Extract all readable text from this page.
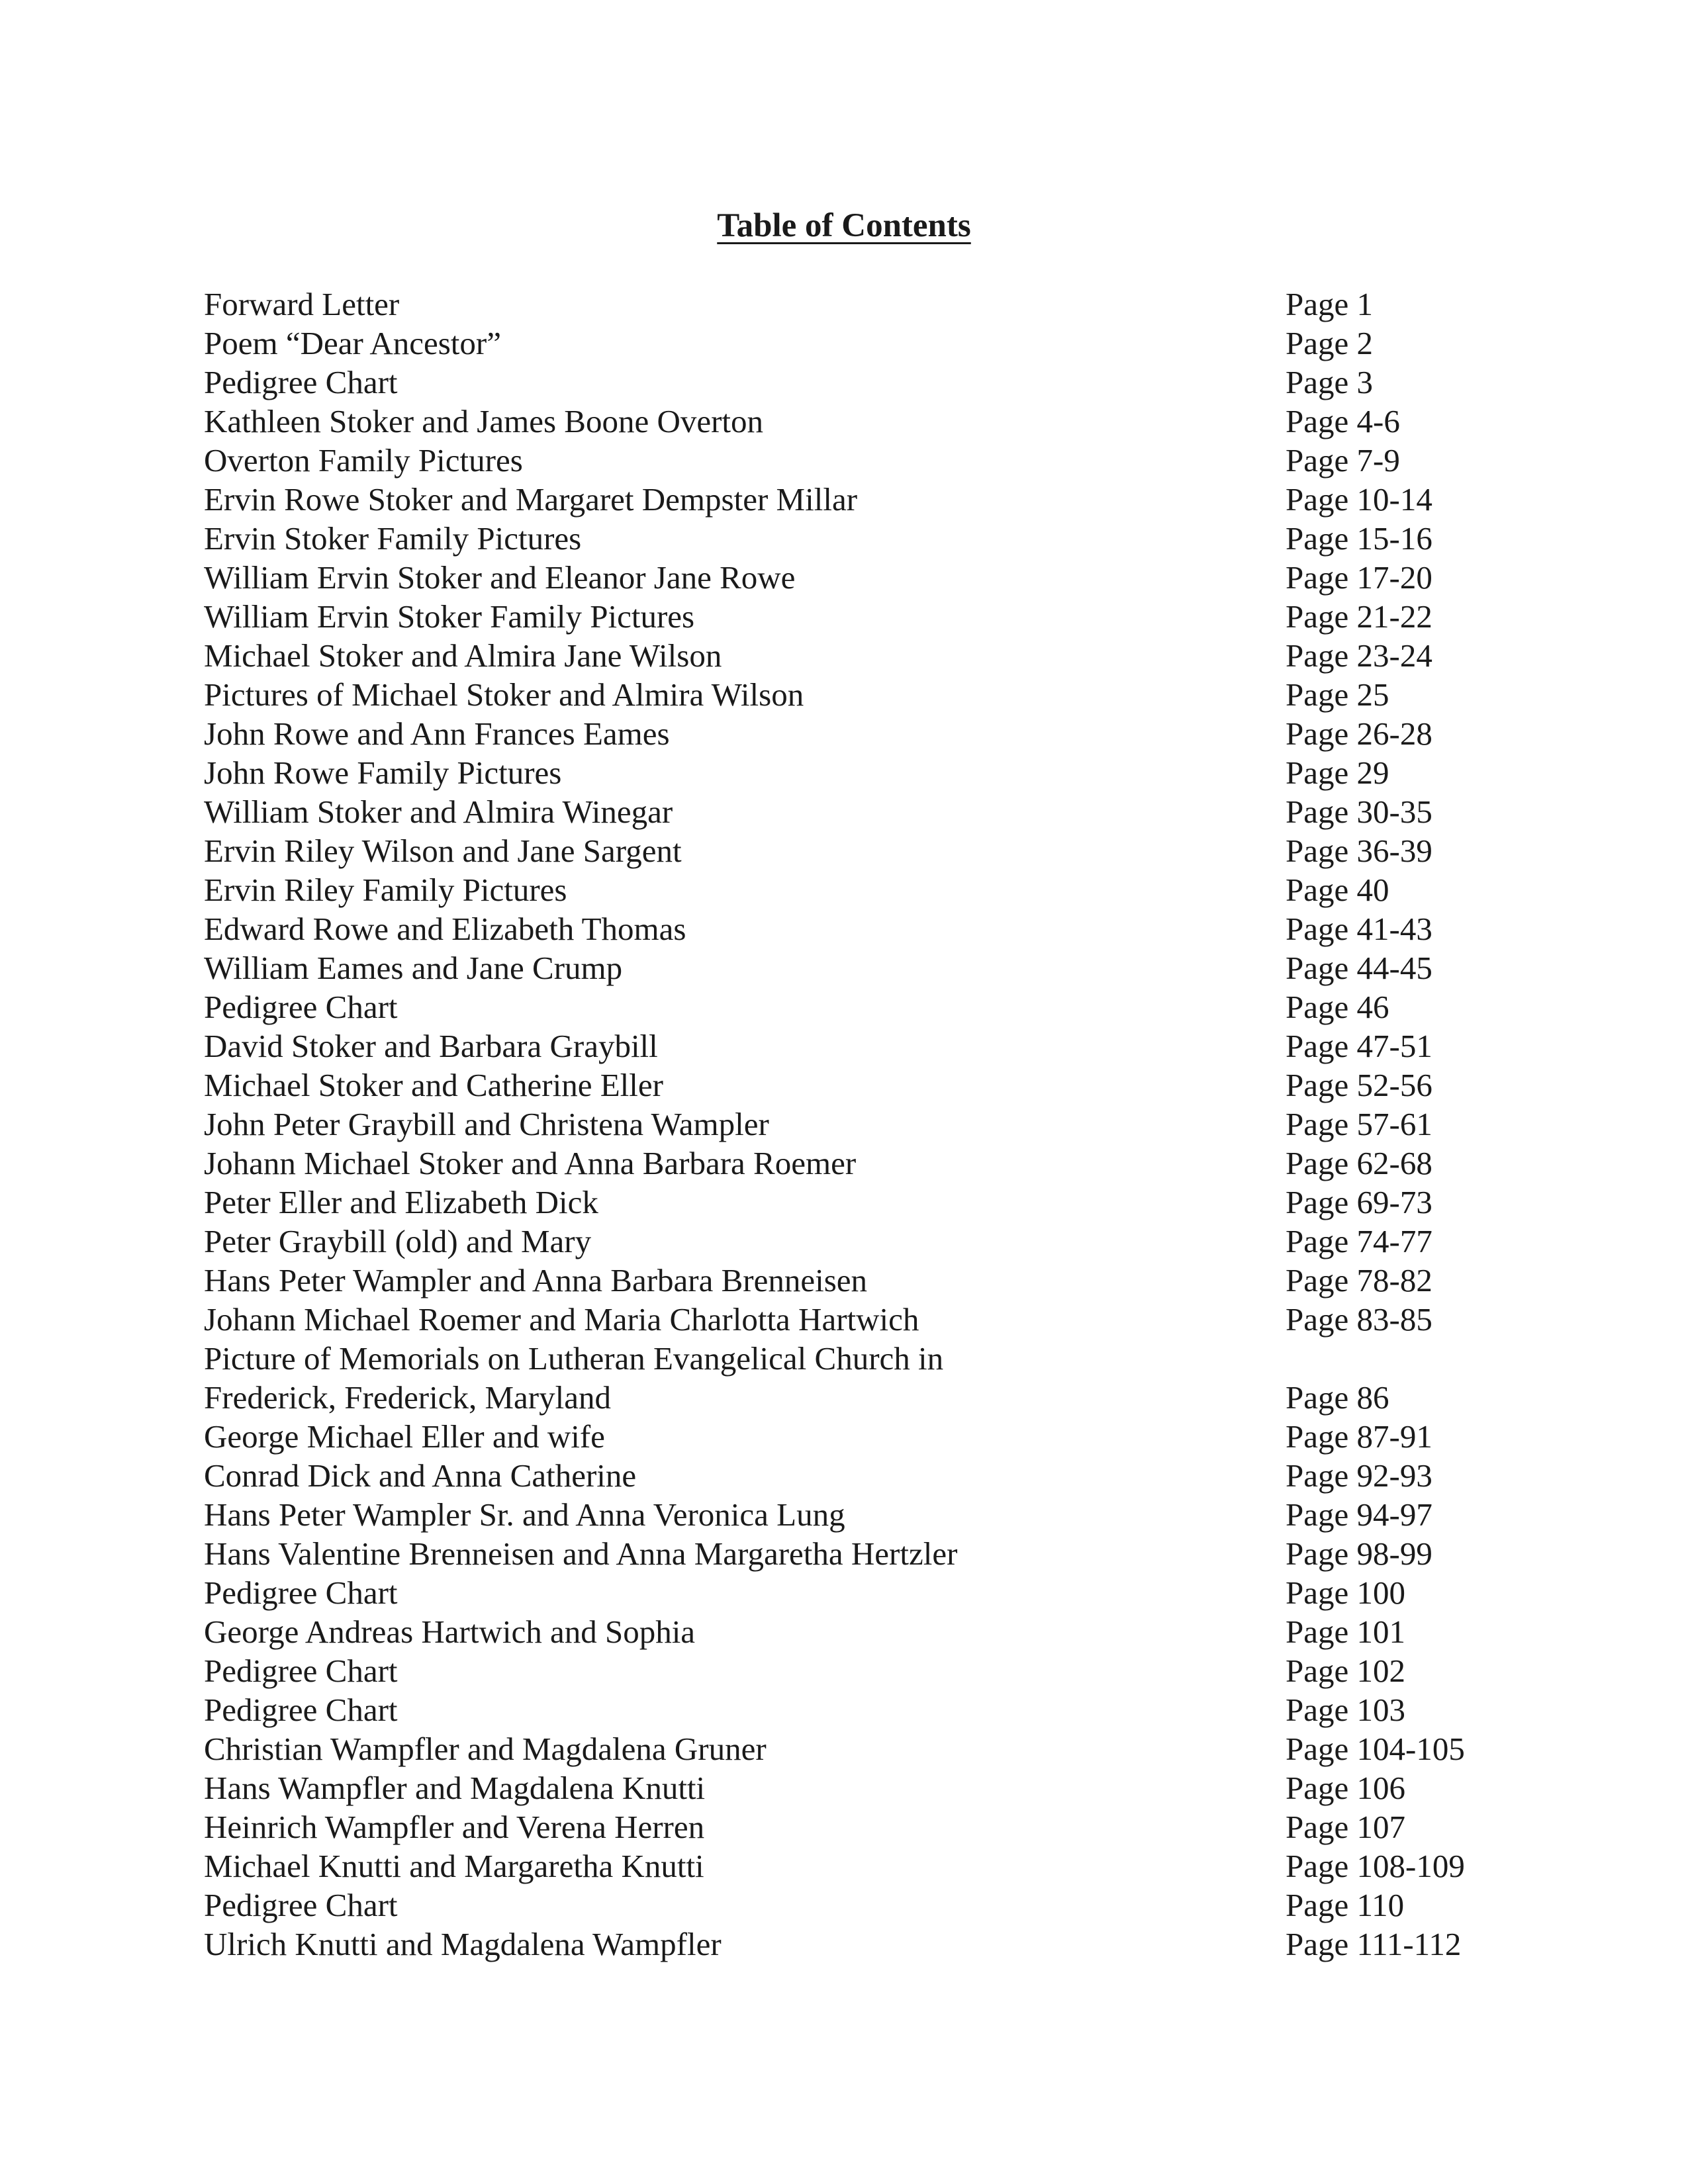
Table of Contents
Forward Letter	Page 1
Poem “Dear Ancestor”	Page 2
Pedigree Chart	Page 3
Kathleen Stoker and James Boone Overton	Page 4-6
Overton Family Pictures	Page 7-9
Ervin Rowe Stoker and Margaret Dempster Millar	Page 10-14
Ervin Stoker Family Pictures	Page 15-16
William Ervin Stoker and Eleanor Jane Rowe	Page 17-20
William Ervin Stoker Family Pictures	Page 21-22
Michael Stoker and Almira Jane Wilson	Page 23-24
Pictures of Michael Stoker and Almira Wilson	Page 25
John Rowe and Ann Frances Eames	Page 26-28
John Rowe Family Pictures	Page 29
William Stoker and Almira Winegar	Page 30-35
Ervin Riley Wilson and Jane Sargent	Page 36-39
Ervin Riley Family Pictures	Page 40
Edward Rowe and Elizabeth Thomas	Page 41-43
William Eames and Jane Crump	Page 44-45
Pedigree Chart	Page 46
David Stoker and Barbara Graybill	Page 47-51
Michael Stoker and Catherine Eller	Page 52-56
John Peter Graybill and Christena Wampler	Page 57-61
Johann Michael Stoker and Anna Barbara Roemer	Page 62-68
Peter Eller and Elizabeth Dick	Page 69-73
Peter Graybill (old) and Mary	Page 74-77
Hans Peter Wampler and Anna Barbara Brenneisen	Page 78-82
Johann Michael Roemer and Maria Charlotta Hartwich	Page 83-85
Picture of Memorials on Lutheran Evangelical Church in Frederick, Frederick, Maryland	Page 86
George Michael Eller and wife	Page 87-91
Conrad Dick and Anna Catherine	Page 92-93
Hans Peter Wampler Sr. and Anna Veronica Lung	Page 94-97
Hans Valentine Brenneisen and Anna Margaretha Hertzler	Page 98-99
Pedigree Chart	Page 100
George Andreas Hartwich and Sophia	Page 101
Pedigree Chart	Page 102
Pedigree Chart	Page 103
Christian Wampfler and Magdalena Gruner	Page 104-105
Hans Wampfler and Magdalena Knutti	Page 106
Heinrich Wampfler and Verena Herren	Page 107
Michael Knutti and Margaretha Knutti	Page 108-109
Pedigree Chart	Page 110
Ulrich Knutti and Magdalena Wampfler	Page 111-112
